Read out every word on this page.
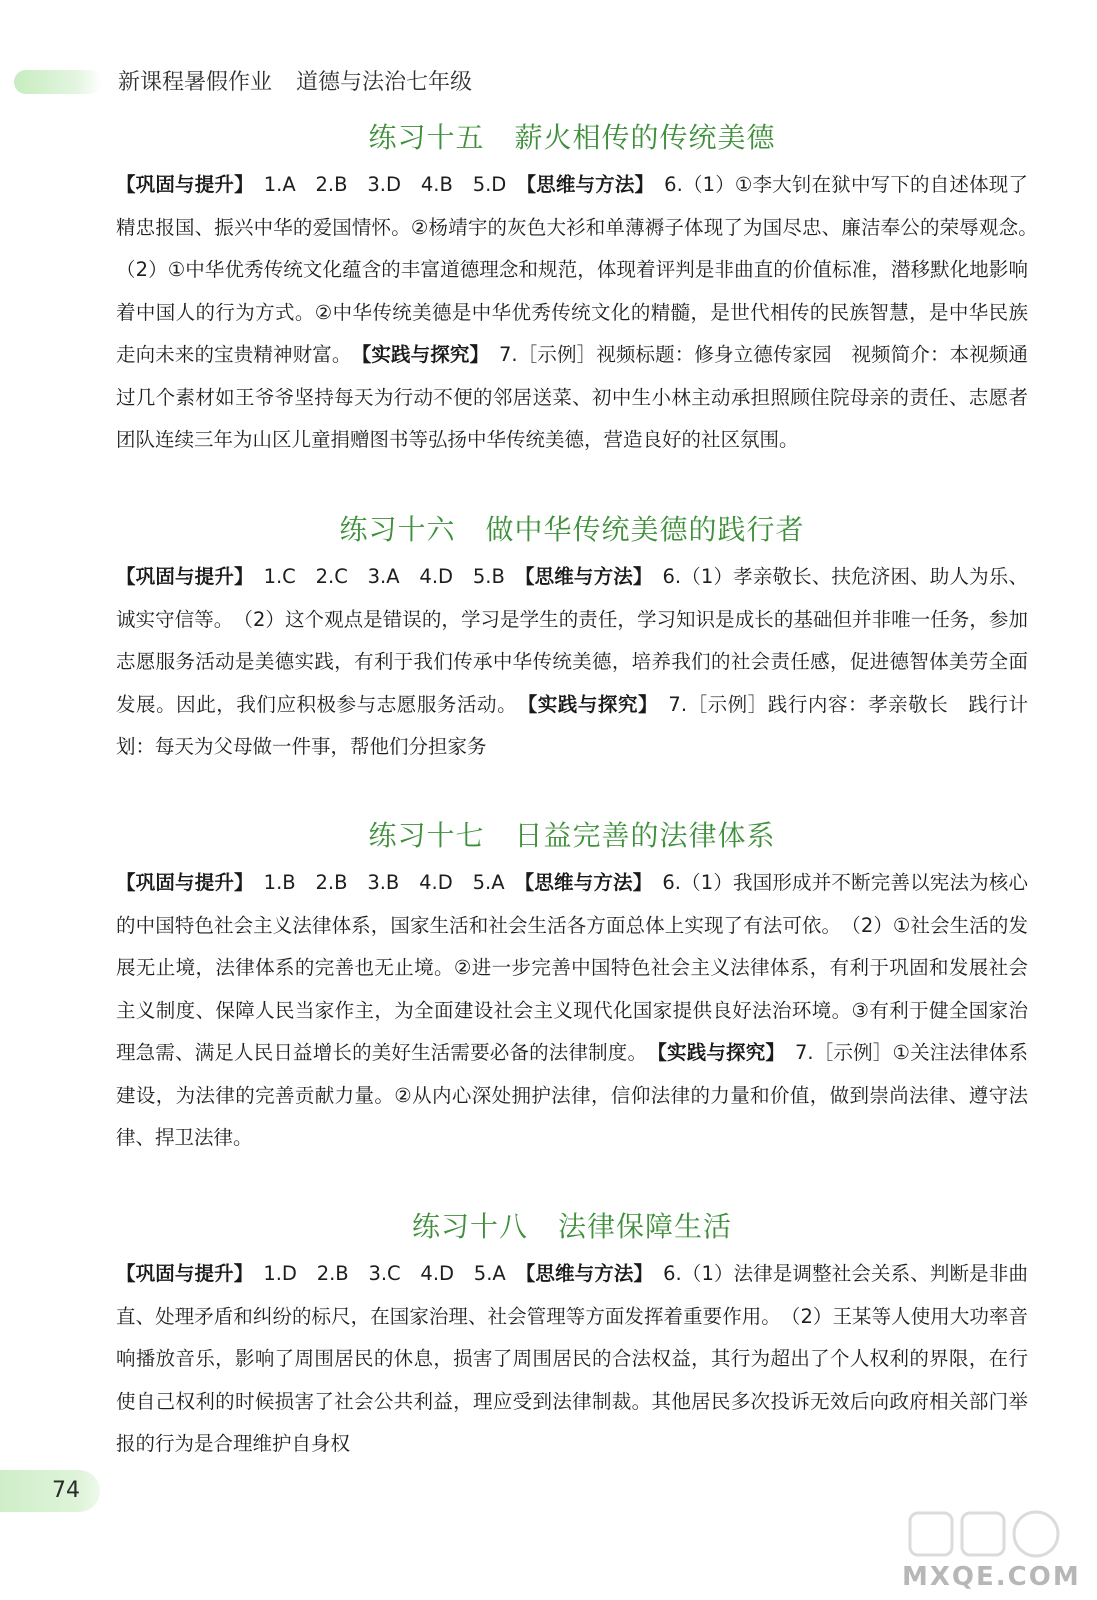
新课程暑假作业 道德与法治七年级
练习十五 薪火相传的传统美德

【巩固与提升】　 1.A　2.B　3.D　4.B　5.D　 【思维与方法】　 6.（1）①李大钊在狱中写下的自述体现了精忠报国、振兴中华的爱国情怀。②杨靖宇的灰色大衫和单薄褥子体现了为国尽忠、廉洁奉公的荣辱观念。　（2）①中华优秀传统文化蕴含的丰富道德理念和规范，体现着评判是非曲直的价值标准，潜移默化地影响着中国人的行为方式。②中华传统美德是中华优秀传统文化的精髓，是世代相传的民族智慧，是中华民族走向未来的宝贵精神财富。　 【实践与探究】　 7.［示例］视频标题：修身立德传家园　视频简介：本视频通过几个素材如王爷爷坚持每天为行动不便的邻居送菜、初中生小林主动承担照顾住院母亲的责任、志愿者团队连续三年为山区儿童捐赠图书等弘扬中华传统美德，营造良好的社区氛围。

练习十六 做中华传统美德的践行者

【巩固与提升】　 1.C　2.C　3.A　4.D　5.B　 【思维与方法】　 6.（1）孝亲敬长、扶危济困、助人为乐、诚实守信等。　（2）这个观点是错误的，学习是学生的责任，学习知识是成长的基础但并非唯一任务，参加志愿服务活动是美德实践，有利于我们传承中华传统美德，培养我们的社会责任感，促进德智体美劳全面发展。因此，我们应积极参与志愿服务活动。　 【实践与探究】　 7.［示例］践行内容：孝亲敬长　践行计划：每天为父母做一件事，帮他们分担家务

练习十七 日益完善的法律体系

【巩固与提升】　 1.B　2.B　3.B　4.D　5.A　 【思维与方法】　 6.（1）我国形成并不断完善以宪法为核心的中国特色社会主义法律体系，国家生活和社会生活各方面总体上实现了有法可依。　（2）①社会生活的发展无止境，法律体系的完善也无止境。②进一步完善中国特色社会主义法律体系，有利于巩固和发展社会主义制度、保障人民当家作主，为全面建设社会主义现代化国家提供良好法治环境。③有利于健全国家治理急需、满足人民日益增长的美好生活需要必备的法律制度。　 【实践与探究】　 7.［示例］①关注法律体系建设，为法律的完善贡献力量。②从内心深处拥护法律，信仰法律的力量和价值，做到崇尚法律、遵守法律、捍卫法律。

练习十八 法律保障生活

【巩固与提升】　 1.D　2.B　3.C　4.D　5.A　 【思维与方法】　 6.（1）法律是调整社会关系、判断是非曲直、处理矛盾和纠纷的标尺，在国家治理、社会管理等方面发挥着重要作用。　（2）王某等人使用大功率音响播放音乐，影响了周围居民的休息，损害了周围居民的合法权益，其行为超出了个人权利的界限，在行使自己权利的时候损害了社会公共利益，理应受到法律制裁。其他居民多次投诉无效后向政府相关部门举报的行为是合理维护自身权

74
MXQE.COM
